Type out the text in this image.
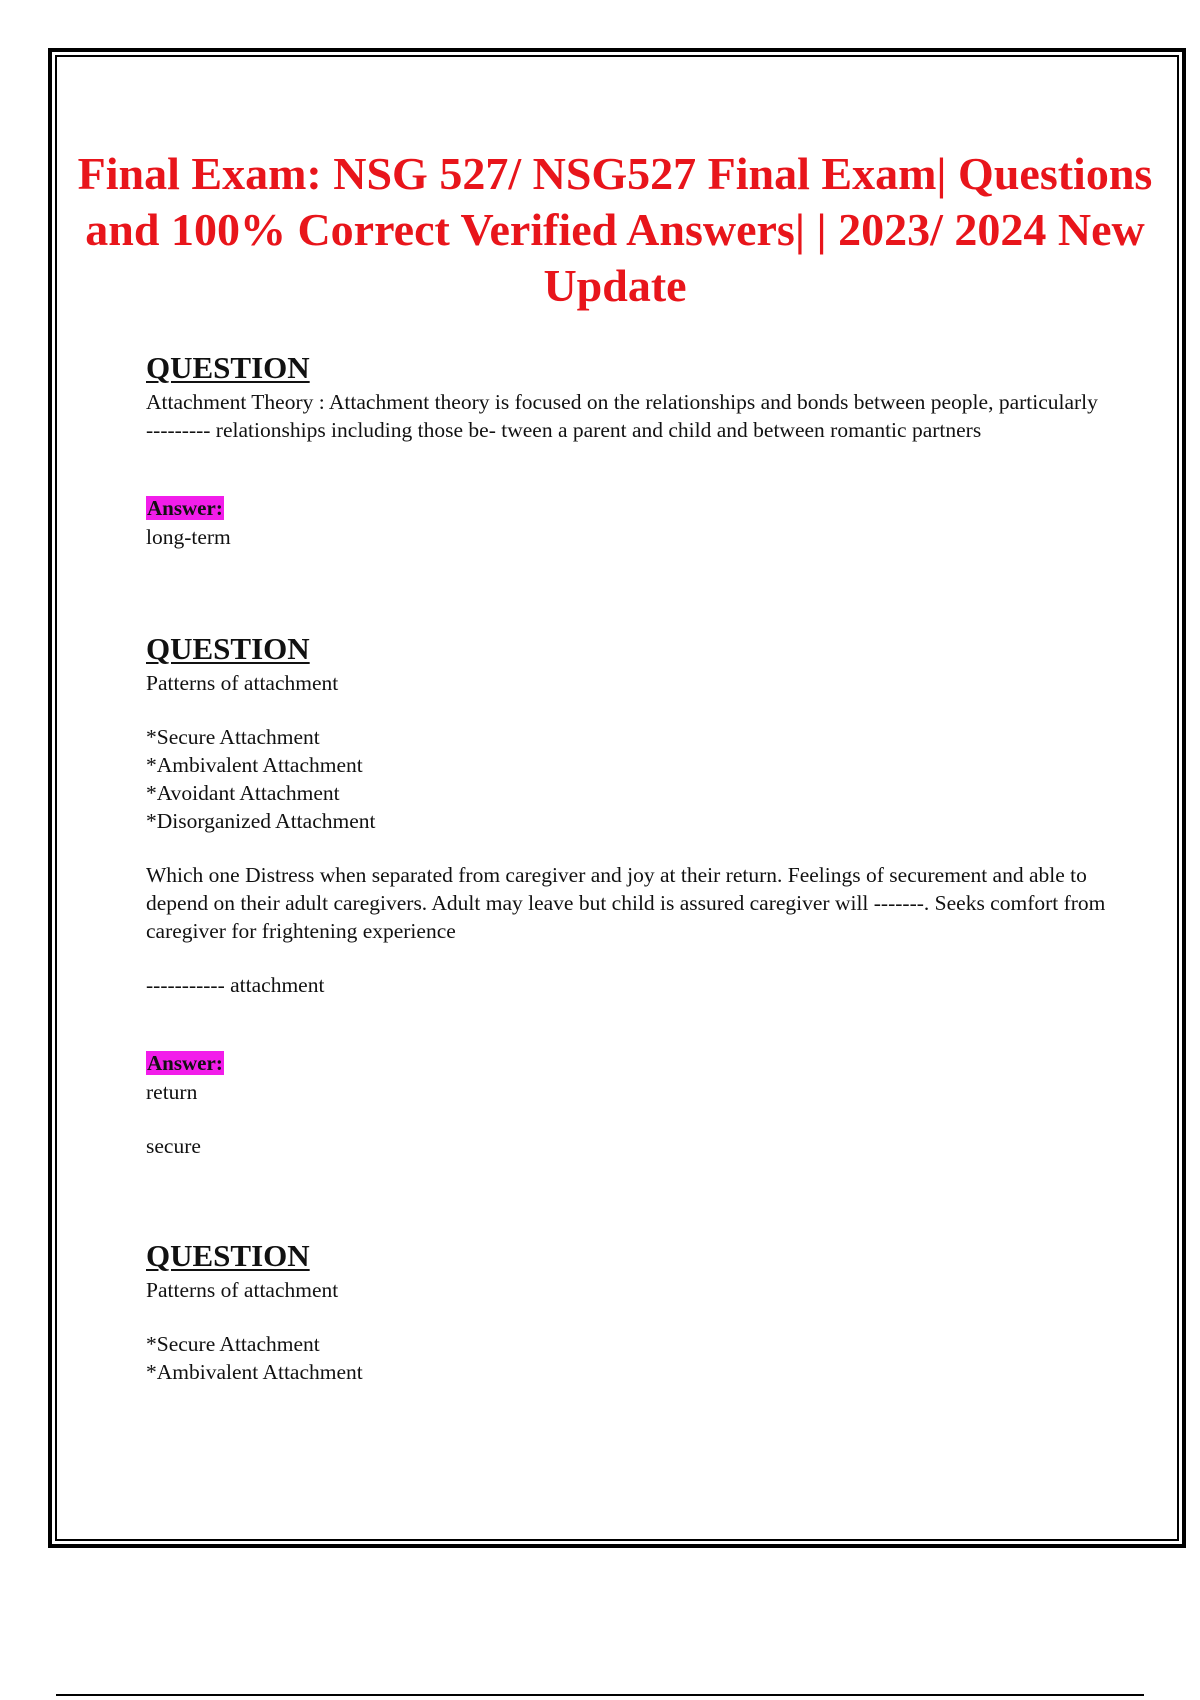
Final Exam: NSG 527/ NSG527 Final Exam| Questions and 100% Correct Verified Answers| | 2023/ 2024 New Update

QUESTION

Attachment Theory : Attachment theory is focused on the relationships and bonds between people, particularly --------- relationships including those be- tween a parent and child and between romantic partners

Answer:

long-term

QUESTION

Patterns of attachment

*Secure Attachment

*Ambivalent Attachment

*Avoidant Attachment

*Disorganized Attachment

Which one Distress when separated from caregiver and joy at their return. Feelings of securement and able to depend on their adult caregivers. Adult may leave but child is assured caregiver will -------. Seeks comfort from caregiver for frightening experience

----------- attachment

Answer:

return

secure

QUESTION

Patterns of attachment

*Secure Attachment

*Ambivalent Attachment
